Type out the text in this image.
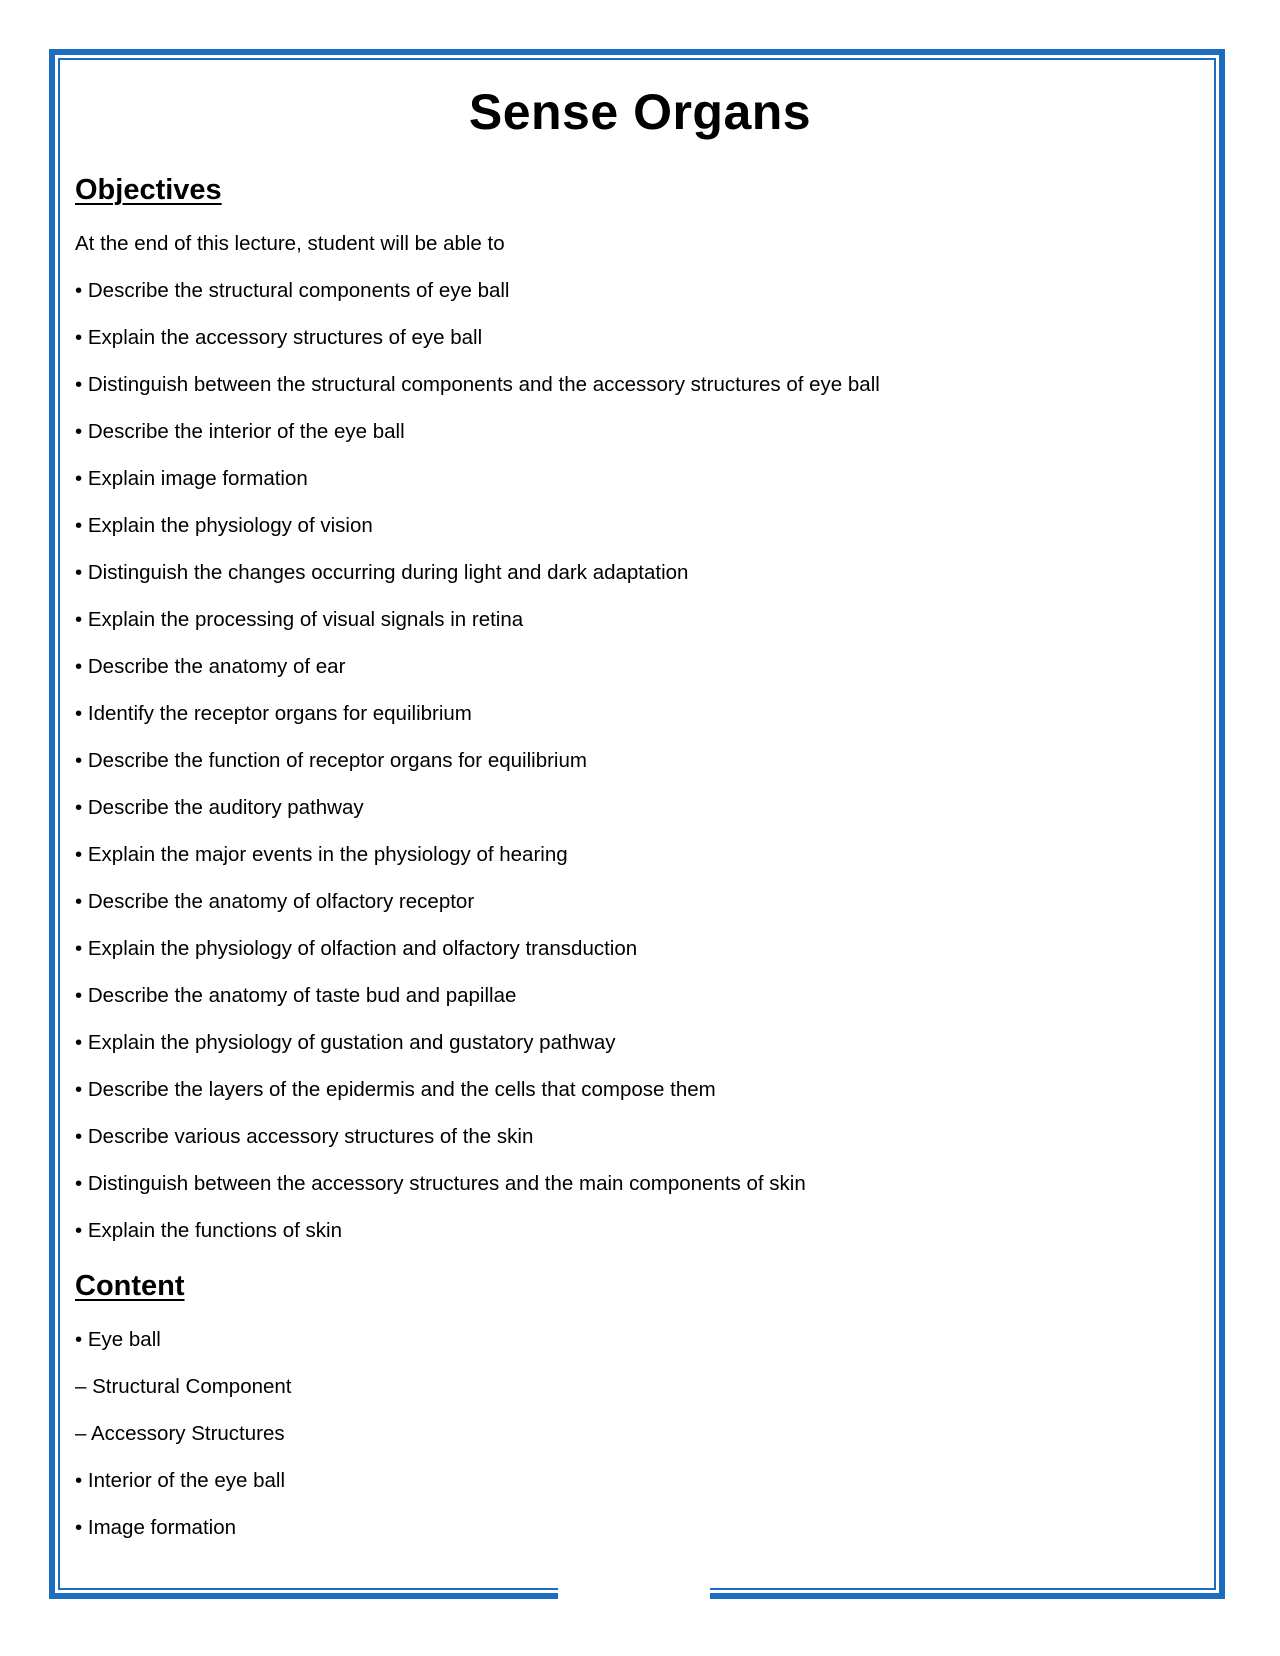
Sense Organs
Objectives
At the end of this lecture, student will be able to
• Describe the structural components of eye ball
• Explain the accessory structures of eye ball
• Distinguish between the structural components and the accessory structures of eye ball
• Describe the interior of the eye ball
• Explain image formation
• Explain the physiology of vision
• Distinguish the changes occurring during light and dark adaptation
• Explain the processing of visual signals in retina
• Describe the anatomy of ear
• Identify the receptor organs for equilibrium
• Describe the function of receptor organs for equilibrium
• Describe the auditory pathway
• Explain the major events in the physiology of hearing
• Describe the anatomy of olfactory receptor
• Explain the physiology of olfaction and olfactory transduction
• Describe the anatomy of taste bud and papillae
• Explain the physiology of gustation and gustatory pathway
• Describe the layers of the epidermis and the cells that compose them
• Describe various accessory structures of the skin
• Distinguish between the accessory structures and the main components of skin
• Explain the functions of skin
Content
• Eye ball
– Structural Component
– Accessory Structures
• Interior of the eye ball
• Image formation
